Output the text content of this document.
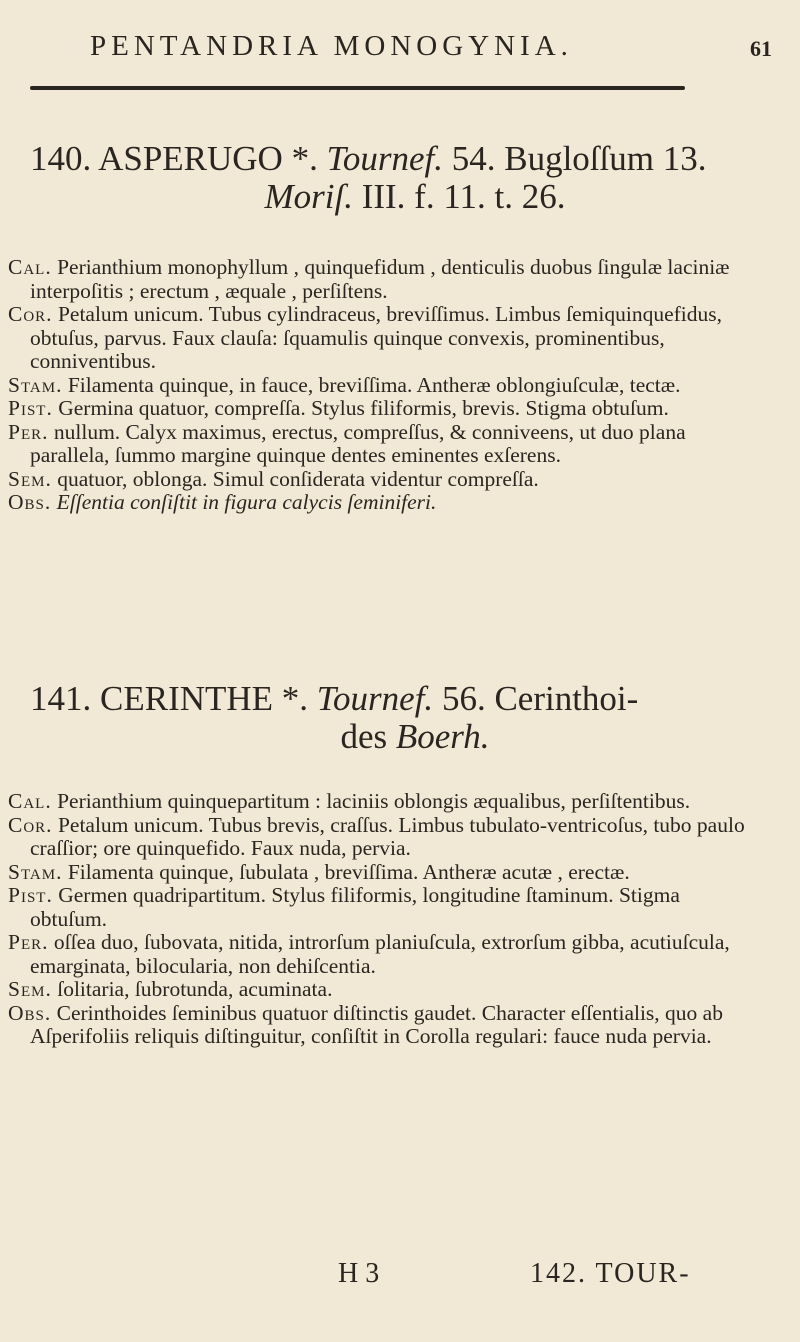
PENTANDRIA MONOGYNIA.	61
140. ASPERUGO *. Tournef. 54. Bugloſſum 13.
Moriſ. III. f. 11. t. 26.

Cal. Perianthium monophyllum , quinquefidum , denticulis duobus ſingulæ laciniæ interpoſitis ; erectum , æquale , perſiſtens.

Cor. Petalum unicum. Tubus cylindraceus, breviſſimus. Limbus ſemiquinquefidus, obtuſus, parvus. Faux clauſa: ſquamulis quinque convexis, prominentibus, conniventibus.

Stam. Filamenta quinque, in fauce, breviſſima. Antheræ oblongiuſculæ, tectæ.

Pist. Germina quatuor, compreſſa. Stylus filiformis, brevis. Stigma obtuſum.

Per. nullum. Calyx maximus, erectus, compreſſus, & conniveens, ut duo plana parallela, ſummo margine quinque dentes eminentes exſerens.

Sem. quatuor, oblonga. Simul conſiderata videntur compreſſa.

Obs. Eſſentia conſiſtit in figura calycis ſeminiferi.

141. CERINTHE *. Tournef. 56. Cerinthoi-
des Boerh.

Cal. Perianthium quinquepartitum : laciniis oblongis æqualibus, perſiſtentibus.

Cor. Petalum unicum. Tubus brevis, craſſus. Limbus tubulato-ventricoſus, tubo paulo craſſior; ore quinquefido. Faux nuda, pervia.

Stam. Filamenta quinque, ſubulata , breviſſima. Antheræ acutæ , erectæ.

Pist. Germen quadripartitum. Stylus filiformis, longitudine ſtaminum. Stigma obtuſum.

Per. oſſea duo, ſubovata, nitida, introrſum planiuſcula, extrorſum gibba, acutiuſcula, emarginata, bilocularia, non dehiſcentia.

Sem. ſolitaria, ſubrotunda, acuminata.

Obs. Cerinthoides ſeminibus quatuor diſtinctis gaudet. Character eſſentialis, quo ab Aſperifoliis reliquis diſtinguitur, conſiſtit in Corolla regulari: fauce nuda pervia.

H 3	142. TOUR-
